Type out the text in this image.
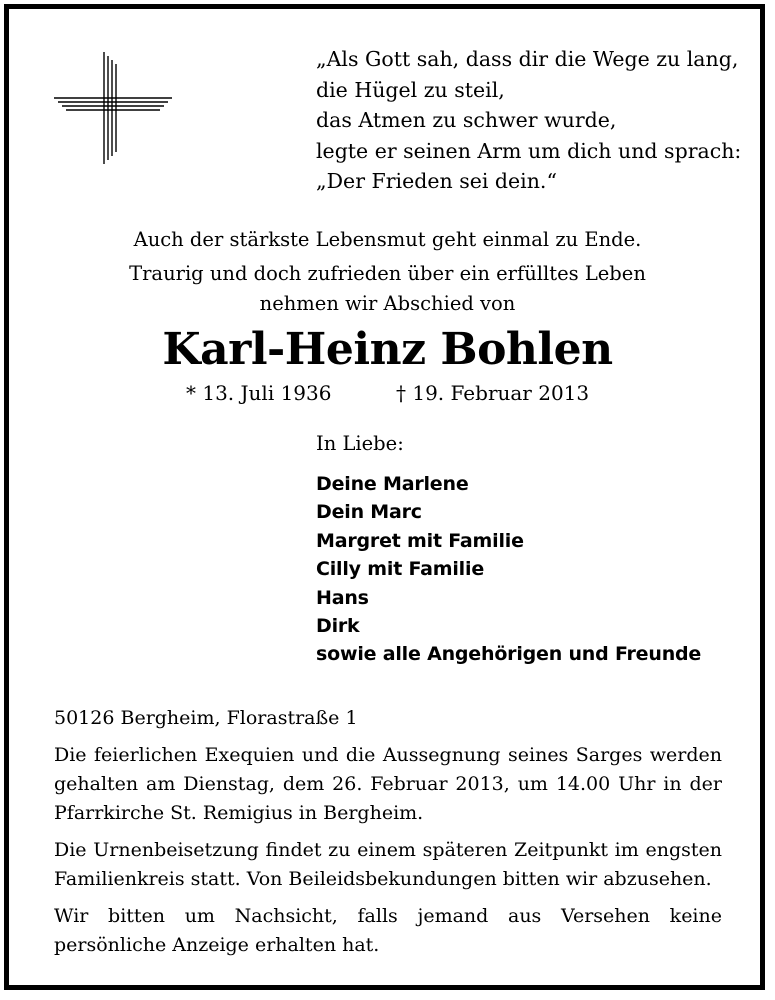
„Als Gott sah, dass dir die Wege zu lang,
die Hügel zu steil,
das Atmen zu schwer wurde,
legte er seinen Arm um dich und sprach:
„Der Frieden sei dein.“
Auch der stärkste Lebensmut geht einmal zu Ende.
Traurig und doch zufrieden über ein erfülltes Leben
nehmen wir Abschied von
Karl-Heinz Bohlen
* 13. Juli 1936	† 19. Februar 2013
In Liebe:
Deine Marlene
Dein Marc
Margret mit Familie
Cilly mit Familie
Hans
Dirk
sowie alle Angehörigen und Freunde
50126 Bergheim, Florastraße 1

Die feierlichen Exequien und die Aussegnung seines Sarges werden gehalten am Dienstag, dem 26. Februar 2013, um 14.00 Uhr in der Pfarrkirche St. Remigius in Bergheim.

Die Urnenbeisetzung findet zu einem späteren Zeitpunkt im engsten Familienkreis statt. Von Beileidsbekundungen bitten wir abzusehen.

Wir bitten um Nachsicht, falls jemand aus Versehen keine persönliche Anzeige erhalten hat.
